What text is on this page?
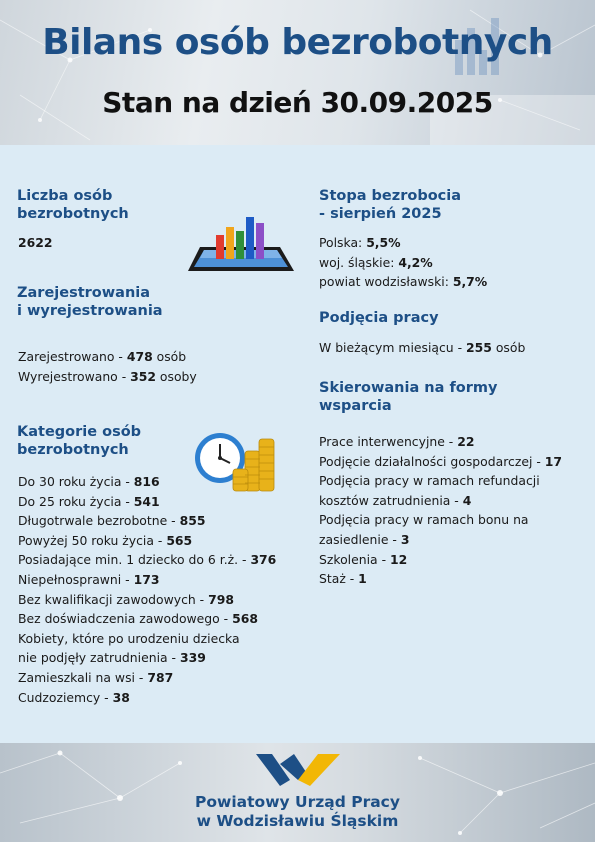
Bilans osób bezrobotnych
Stan na dzień 30.09.2025
Liczba osób
bezrobotnych
2622
Zarejestrowania
i wyrejestrowania
Zarejestrowano - 478 osób
Wyrejestrowano - 352 osoby
Kategorie osób
bezrobotnych
Do 30 roku życia - 816
Do 25 roku życia - 541
Długotrwale bezrobotne - 855
Powyżej 50 roku życia - 565
Posiadające min. 1 dziecko do 6 r.ż. - 376
Niepełnosprawni - 173
Bez kwalifikacji zawodowych - 798
Bez doświadczenia zawodowego - 568
Kobiety, które po urodzeniu dziecka
nie podjęły zatrudnienia - 339
Zamieszkali na wsi - 787
Cudzoziemcy - 38
Stopa bezrobocia
- sierpień 2025
Polska: 5,5%
woj. śląskie: 4,2%
powiat wodzisławski: 5,7%
Podjęcia pracy
W bieżącym miesiącu - 255 osób
Skierowania na formy
wsparcia
Prace interwencyjne - 22
Podjęcie działalności gospodarczej - 17
Podjęcia pracy w ramach refundacji
kosztów zatrudnienia - 4
Podjęcia pracy w ramach bonu na
zasiedlenie - 3
Szkolenia - 12
Staż - 1
Powiatowy Urząd Pracy
w Wodzisławiu Śląskim
